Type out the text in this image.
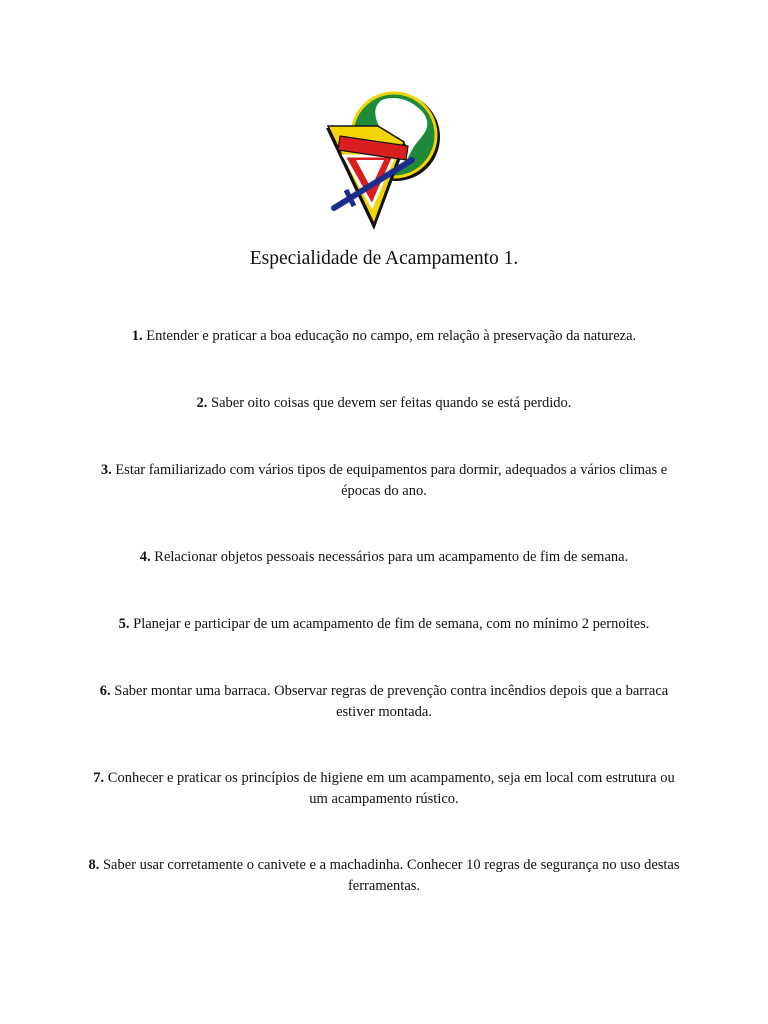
Especialidade de Acampamento 1.

1. Entender e praticar a boa educação no campo, em relação à preservação da natureza.

2. Saber oito coisas que devem ser feitas quando se está perdido.

3. Estar familiarizado com vários tipos de equipamentos para dormir, adequados a vários climas e épocas do ano.

4. Relacionar objetos pessoais necessários para um acampamento de fim de semana.

5. Planejar e participar de um acampamento de fim de semana, com no mínimo 2 pernoites.

6. Saber montar uma barraca. Observar regras de prevenção contra incêndios depois que a barraca estiver montada.

7. Conhecer e praticar os princípios de higiene em um acampamento, seja em local com estrutura ou um acampamento rústico.

8. Saber usar corretamente o canivete e a machadinha. Conhecer 10 regras de segurança no uso destas ferramentas.
